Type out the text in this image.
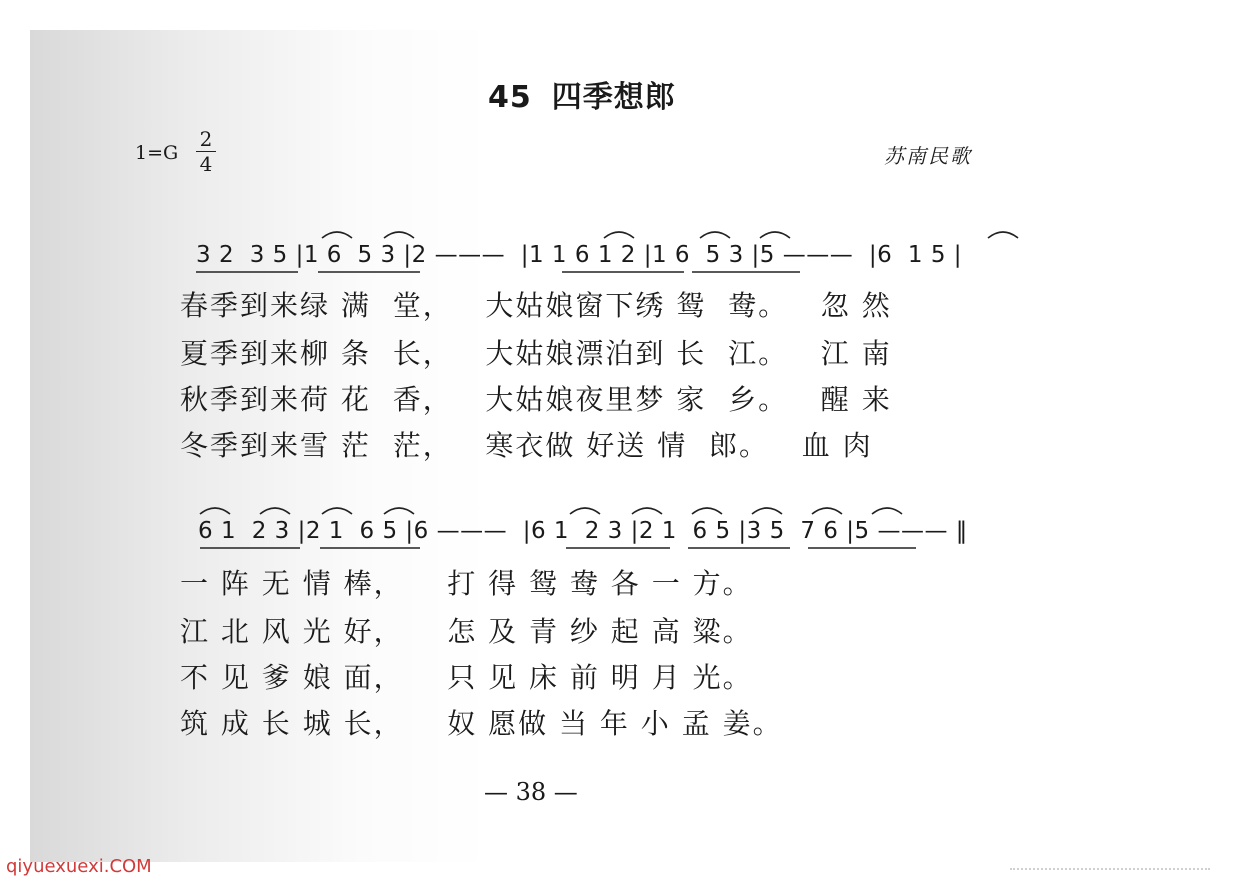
45 四季想郎
1=G
2
4	苏南民歌
3 2  3 5 |1 6  5 3 |2 ———  |1 1 6 1 2 |1 6  5 3 |5 ———  |6  1 5 |
6 1  2 3 |2 1  6 5 |6 ———  |6 1  2 3 |2 1  6 5 |3 5  7 6 |5 ——— ‖
春季到来绿 满  堂，   大姑娘窗下绣 鸳  鸯。   忽 然
夏季到来柳 条  长，   大姑娘漂泊到 长  江。   江 南
秋季到来荷 花  香，   大姑娘夜里梦 家  乡。   醒 来
冬季到来雪 茫  茫，   寒衣做 好送 情  郎。   血 肉
一 阵 无 情 棒，    打 得 鸳 鸯 各 一 方。
江 北 风 光 好，    怎 及 青 纱 起 高 粱。
不 见 爹 娘 面，    只 见 床 前 明 月 光。
筑 成 长 城 长，    奴 愿做 当 年 小 孟 姜。
— 38 —
qiyuexuexi.COM
